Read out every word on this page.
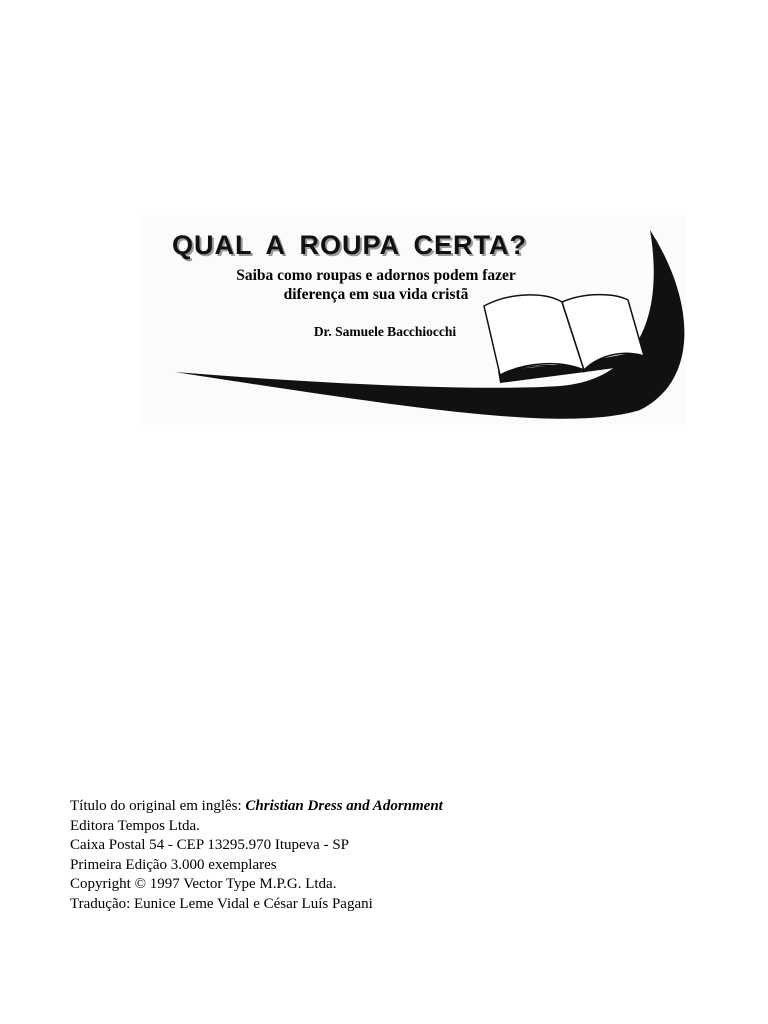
QUAL A ROUPA CERTA?
Saiba como roupas e adornos podem fazer
diferença em sua vida cristã
Dr. Samuele Bacchiocchi
Título do original em inglês: Christian Dress and Adornment
Editora Tempos Ltda.
Caixa Postal 54 - CEP 13295.970 Itupeva - SP
Primeira Edição 3.000 exemplares
Copyright © 1997 Vector Type M.P.G. Ltda.
Tradução: Eunice Leme Vidal e César Luís Pagani
